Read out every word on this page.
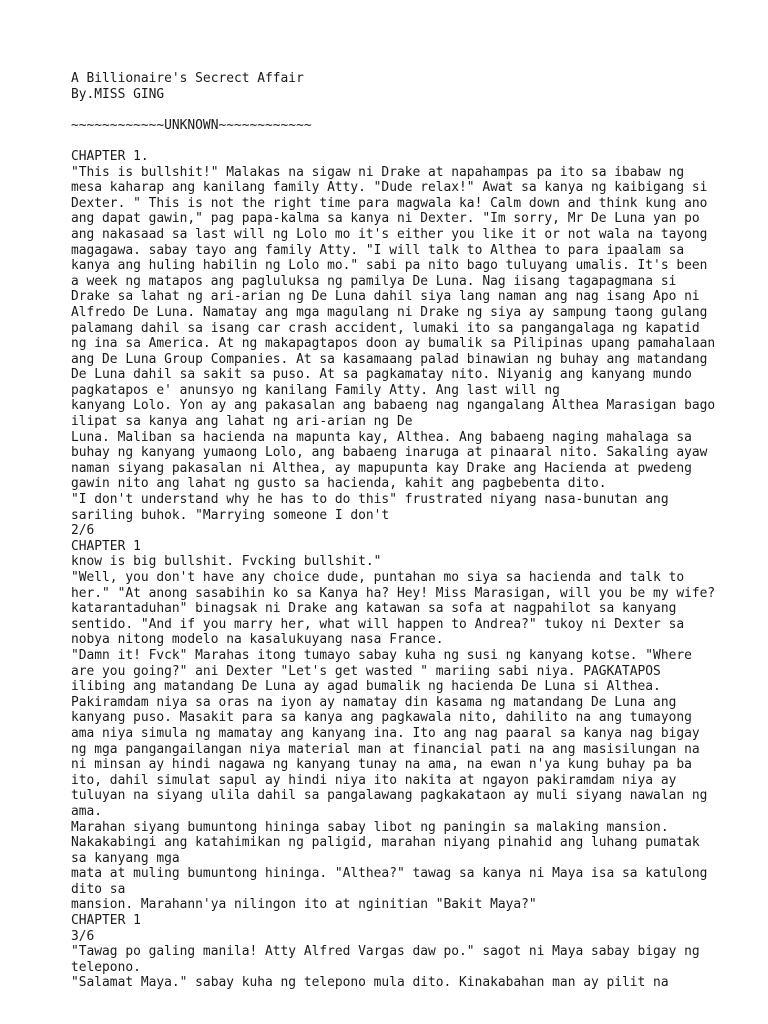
A Billionaire's Secrect Affair
By.MISS GING
~~~~~~~~~~~~UNKNOWN~~~~~~~~~~~~
CHAPTER 1.
"This is bullshit!" Malakas na sigaw ni Drake at napahampas pa ito sa ibabaw ng
mesa kaharap ang kanilang family Atty. "Dude relax!" Awat sa kanya ng kaibigang si
Dexter. " This is not the right time para magwala ka! Calm down and think kung ano
ang dapat gawin," pag papa-kalma sa kanya ni Dexter. "Im sorry, Mr De Luna yan po
ang nakasaad sa last will ng Lolo mo it's either you like it or not wala na tayong
magagawa. sabay tayo ang family Atty. "I will talk to Althea to para ipaalam sa
kanya ang huling habilin ng Lolo mo." sabi pa nito bago tuluyang umalis. It's been
a week ng matapos ang pagluluksa ng pamilya De Luna. Nag iisang tagapagmana si
Drake sa lahat ng ari-arian ng De Luna dahil siya lang naman ang nag isang Apo ni
Alfredo De Luna. Namatay ang mga magulang ni Drake ng siya ay sampung taong gulang
palamang dahil sa isang car crash accident, lumaki ito sa pangangalaga ng kapatid
ng ina sa America. At ng makapagtapos doon ay bumalik sa Pilipinas upang pamahalaan
ang De Luna Group Companies. At sa kasamaang palad binawian ng buhay ang matandang
De Luna dahil sa sakit sa puso. At sa pagkamatay nito. Niyanig ang kanyang mundo
pagkatapos e' anunsyo ng kanilang Family Atty. Ang last will ng
kanyang Lolo. Yon ay ang pakasalan ang babaeng nag ngangalang Althea Marasigan bago
ilipat sa kanya ang lahat ng ari-arian ng De
Luna. Maliban sa hacienda na mapunta kay, Althea. Ang babaeng naging mahalaga sa
buhay ng kanyang yumaong Lolo, ang babaeng inaruga at pinaaral nito. Sakaling ayaw
naman siyang pakasalan ni Althea, ay mapupunta kay Drake ang Hacienda at pwedeng
gawin nito ang lahat ng gusto sa hacienda, kahit ang pagbebenta dito.
"I don't understand why he has to do this" frustrated niyang nasa-bunutan ang
sariling buhok. "Marrying someone I don't
2/6
CHAPTER 1
know is big bullshit. Fvcking bullshit."
"Well, you don't have any choice dude, puntahan mo siya sa hacienda and talk to
her." "At anong sasabihin ko sa Kanya ha? Hey! Miss Marasigan, will you be my wife?
katarantaduhan" binagsak ni Drake ang katawan sa sofa at nagpahilot sa kanyang
sentido. "And if you marry her, what will happen to Andrea?" tukoy ni Dexter sa
nobya nitong modelo na kasalukuyang nasa France.
"Damn it! Fvck" Marahas itong tumayo sabay kuha ng susi ng kanyang kotse. "Where
are you going?" ani Dexter "Let's get wasted " mariing sabi niya. PAGKATAPOS
ilibing ang matandang De Luna ay agad bumalik ng hacienda De Luna si Althea.
Pakiramdam niya sa oras na iyon ay namatay din kasama ng matandang De Luna ang
kanyang puso. Masakit para sa kanya ang pagkawala nito, dahilito na ang tumayong
ama niya simula ng mamatay ang kanyang ina. Ito ang nag paaral sa kanya nag bigay
ng mga pangangailangan niya material man at financial pati na ang masisilungan na
ni minsan ay hindi nagawa ng kanyang tunay na ama, na ewan n'ya kung buhay pa ba
ito, dahil simulat sapul ay hindi niya ito nakita at ngayon pakiramdam niya ay
tuluyan na siyang ulila dahil sa pangalawang pagkakataon ay muli siyang nawalan ng
ama.
Marahan siyang bumuntong hininga sabay libot ng paningin sa malaking mansion.
Nakakabingi ang katahimikan ng paligid, marahan niyang pinahid ang luhang pumatak
sa kanyang mga
mata at muling bumuntong hininga. "Althea?" tawag sa kanya ni Maya isa sa katulong
dito sa
mansion. Marahann'ya nilingon ito at nginitian "Bakit Maya?"
CHAPTER 1
3/6
"Tawag po galing manila! Atty Alfred Vargas daw po." sagot ni Maya sabay bigay ng
telepono.
"Salamat Maya." sabay kuha ng telepono mula dito. Kinakabahan man ay pilit na
